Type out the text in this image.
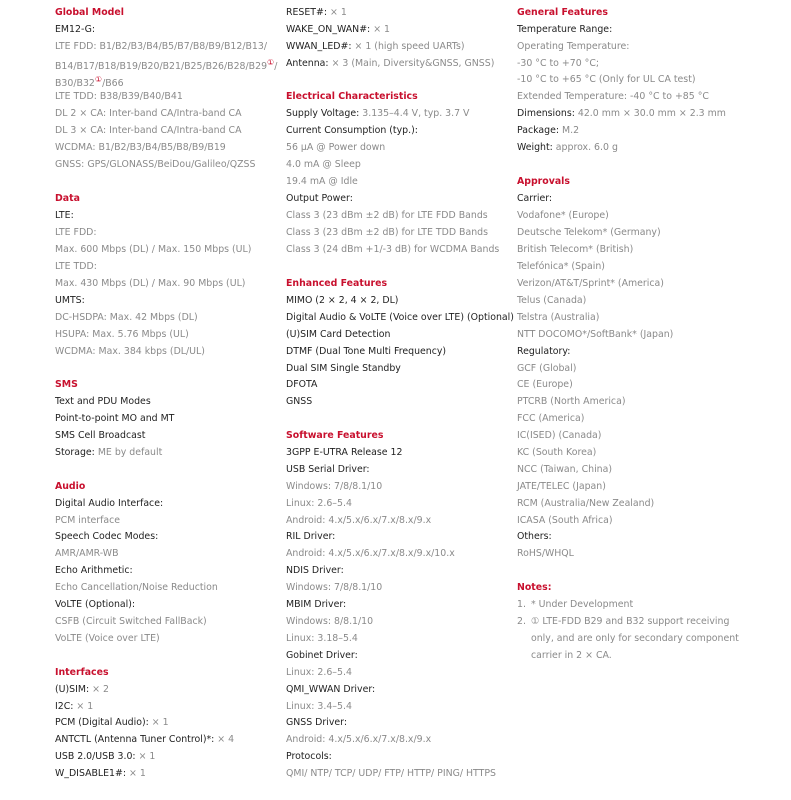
Global Model
EM12-G:
LTE FDD: B1/B2/B3/B4/B5/B7/B8/B9/B12/B13/
B14/B17/B18/B19/B20/B21/B25/B26/B28/B29①/
B30/B32①/B66
LTE TDD: B38/B39/B40/B41
DL 2 × CA: Inter-band CA/Intra-band CA
DL 3 × CA: Inter-band CA/Intra-band CA
WCDMA: B1/B2/B3/B4/B5/B8/B9/B19
GNSS: GPS/GLONASS/BeiDou/Galileo/QZSS
Data
LTE:
LTE FDD:
Max. 600 Mbps (DL) / Max. 150 Mbps (UL)
LTE TDD:
Max. 430 Mbps (DL) / Max. 90 Mbps (UL)
UMTS:
DC-HSDPA: Max. 42 Mbps (DL)
HSUPA: Max. 5.76 Mbps (UL)
WCDMA: Max. 384 kbps (DL/UL)
SMS
Text and PDU Modes
Point-to-point MO and MT
SMS Cell Broadcast
Storage: ME by default
Audio
Digital Audio Interface:
PCM interface
Speech Codec Modes:
AMR/AMR-WB
Echo Arithmetic:
Echo Cancellation/Noise Reduction
VoLTE (Optional):
CSFB (Circuit Switched FallBack)
VoLTE (Voice over LTE)
Interfaces
(U)SIM: × 2
I2C: × 1
PCM (Digital Audio): × 1
ANTCTL (Antenna Tuner Control)*: × 4
USB 2.0/USB 3.0: × 1
W_DISABLE1#: × 1
RESET#: × 1
WAKE_ON_WAN#: × 1
WWAN_LED#: × 1 (high speed UARTs)
Antenna: × 3 (Main, Diversity&GNSS, GNSS)
Electrical Characteristics
Supply Voltage: 3.135–4.4 V, typ. 3.7 V
Current Consumption (typ.):
56 μA @ Power down
4.0 mA @ Sleep
19.4 mA @ Idle
Output Power:
Class 3 (23 dBm ±2 dB) for LTE FDD Bands
Class 3 (23 dBm ±2 dB) for LTE TDD Bands
Class 3 (24 dBm +1/-3 dB) for WCDMA Bands
Enhanced Features
MIMO (2 × 2, 4 × 2, DL)
Digital Audio & VoLTE (Voice over LTE) (Optional)
(U)SIM Card Detection
DTMF (Dual Tone Multi Frequency)
Dual SIM Single Standby
DFOTA
GNSS
Software Features
3GPP E-UTRA Release 12
USB Serial Driver:
Windows: 7/8/8.1/10
Linux: 2.6–5.4
Android: 4.x/5.x/6.x/7.x/8.x/9.x
RIL Driver:
Android: 4.x/5.x/6.x/7.x/8.x/9.x/10.x
NDIS Driver:
Windows: 7/8/8.1/10
MBIM Driver:
Windows: 8/8.1/10
Linux: 3.18–5.4
Gobinet Driver:
Linux: 2.6–5.4
QMI_WWAN Driver:
Linux: 3.4–5.4
GNSS Driver:
Android: 4.x/5.x/6.x/7.x/8.x/9.x
Protocols:
QMI/ NTP/ TCP/ UDP/ FTP/ HTTP/ PING/ HTTPS
General Features
Temperature Range:
Operating Temperature:
-30 °C to +70 °C;
-10 °C to +65 °C (Only for UL CA test)
Extended Temperature: -40 °C to +85 °C
Dimensions: 42.0 mm × 30.0 mm × 2.3 mm
Package: M.2
Weight: approx. 6.0 g
Approvals
Carrier:
Vodafone* (Europe)
Deutsche Telekom* (Germany)
British Telecom* (British)
Telefónica* (Spain)
Verizon/AT&T/Sprint* (America)
Telus (Canada)
Telstra (Australia)
NTT DOCOMO*/SoftBank* (Japan)
Regulatory:
GCF (Global)
CE (Europe)
PTCRB (North America)
FCC (America)
IC(ISED) (Canada)
KC (South Korea)
NCC (Taiwan, China)
JATE/TELEC (Japan)
RCM (Australia/New Zealand)
ICASA (South Africa)
Others:
RoHS/WHQL
Notes:
1. * Under Development
2. ① LTE-FDD B29 and B32 support receiving
only, and are only for secondary component
carrier in 2 × CA.
